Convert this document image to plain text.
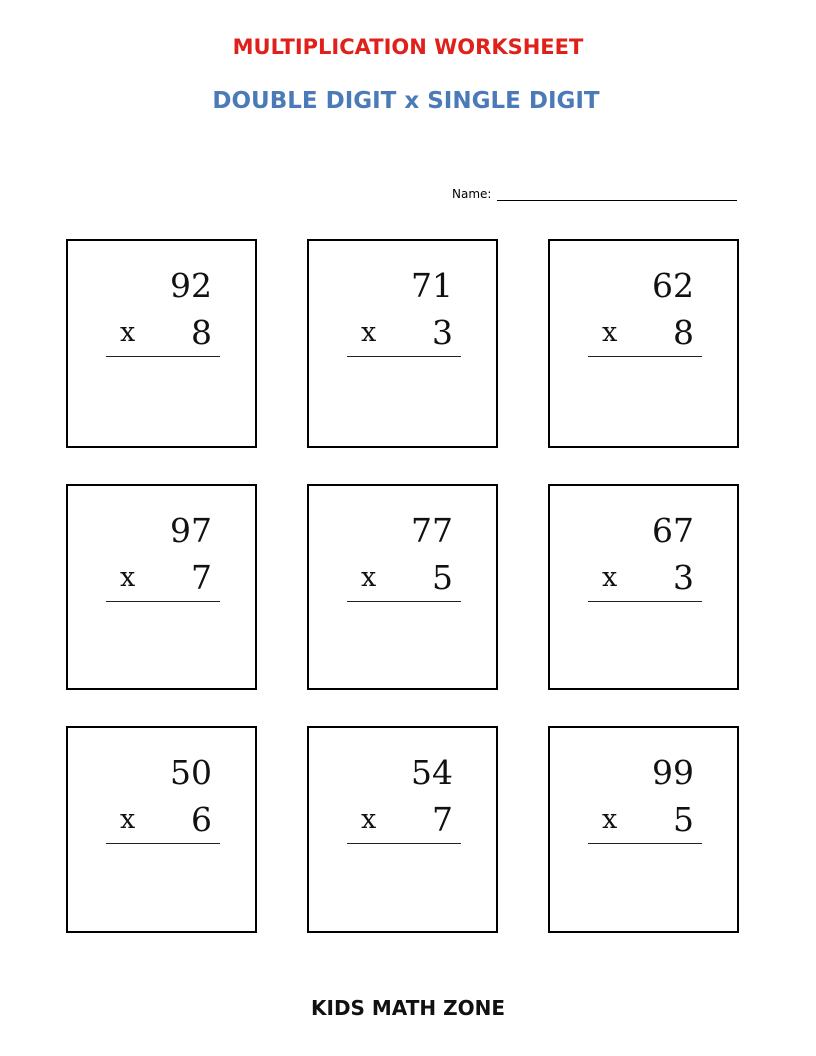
MULTIPLICATION WORKSHEET
DOUBLE DIGIT x SINGLE DIGIT
Name:
92
x 8
71
x 3
62
x 8
97
x 7
77
x 5
67
x 3
50
x 6
54
x 7
99
x 5
KIDS MATH ZONE
